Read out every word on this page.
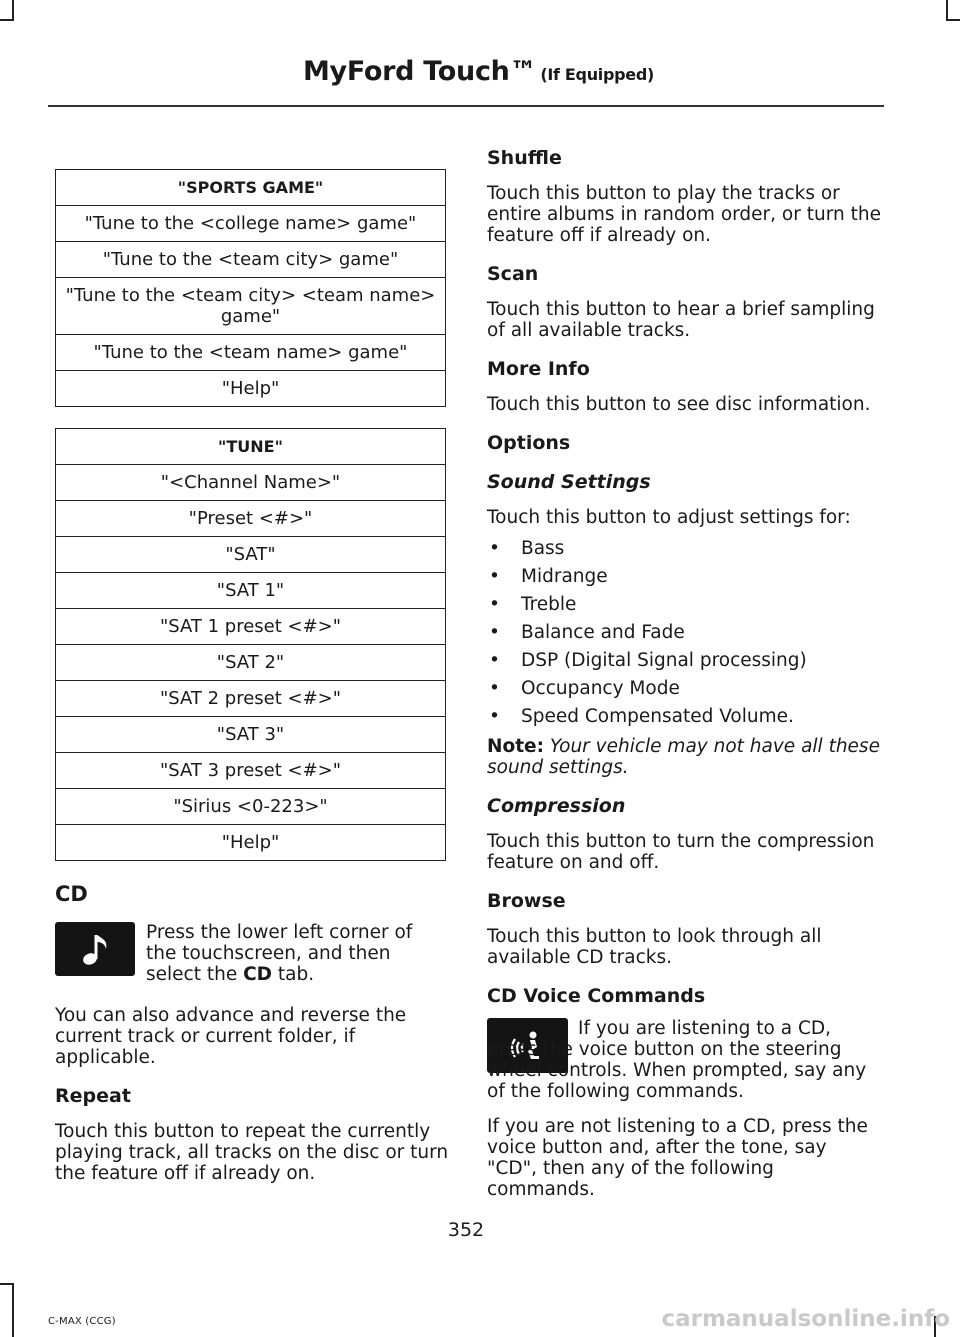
MyFord Touch™ (If Equipped)
"SPORTS GAME"
"Tune to the <college name> game"
"Tune to the <team city> game"
"Tune to the <team city> <team name> game"
"Tune to the <team name> game"
"Help"
"TUNE"
"<Channel Name>"
"Preset <#>"
"SAT"
"SAT 1"
"SAT 1 preset <#>"
"SAT 2"
"SAT 2 preset <#>"
"SAT 3"
"SAT 3 preset <#>"
"Sirius <0-223>"
"Help"
CD
Press the lower left corner of the touchscreen, and then select the CD tab.

You can also advance and reverse the current track or current folder, if applicable.

Repeat

Touch this button to repeat the currently playing track, all tracks on the disc or turn the feature off if already on.

Shuffle

Touch this button to play the tracks or entire albums in random order, or turn the feature off if already on.

Scan

Touch this button to hear a brief sampling of all available tracks.

More Info

Touch this button to see disc information.

Options

Sound Settings

Touch this button to adjust settings for:

• Bass
• Midrange
• Treble
• Balance and Fade
• DSP (Digital Signal processing)
• Occupancy Mode
• Speed Compensated Volume.

Note: Your vehicle may not have all these sound settings.

Compression

Touch this button to turn the compression feature on and off.

Browse

Touch this button to look through all available CD tracks.

CD Voice Commands

If you are listening to a CD, press the voice button on the steering wheel controls. When prompted, say any of the following commands.

If you are not listening to a CD, press the voice button and, after the tone, say "CD", then any of the following commands.

352
C-MAX (CCG)	carmanualsonline.info
